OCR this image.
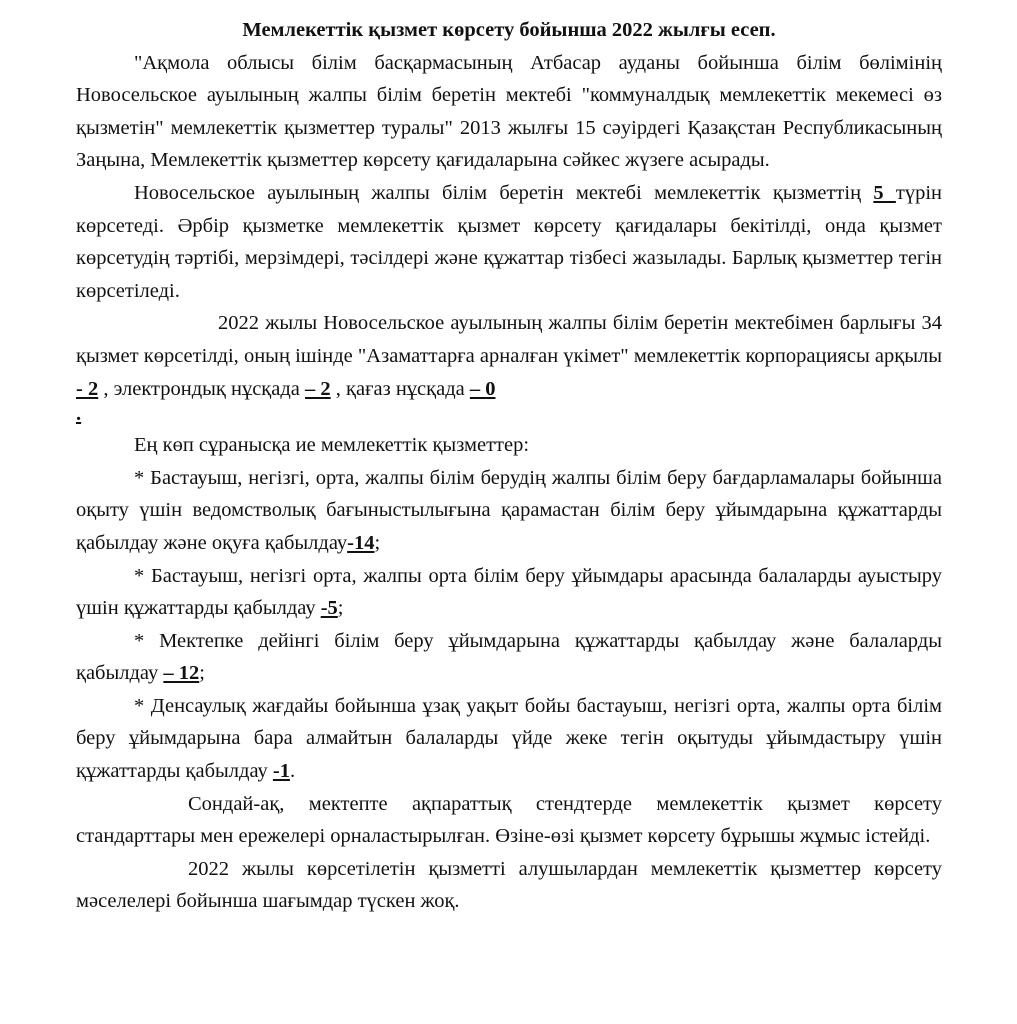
Мемлекеттік қызмет көрсету бойынша 2022 жылғы есеп.

"Ақмола облысы білім басқармасының Атбасар ауданы бойынша білім бөлімінің Новосельское ауылының жалпы білім беретін мектебі "коммуналдық мемлекеттік мекемесі өз қызметін" мемлекеттік қызметтер туралы" 2013 жылғы 15 сәуірдегі Қазақстан Республикасының Заңына, Мемлекеттік қызметтер көрсету қағидаларына сәйкес жүзеге асырады.

Новосельское ауылының жалпы білім беретін мектебі мемлекеттік қызметтің 5 түрін көрсетеді. Әрбір қызметке мемлекеттік қызмет көрсету қағидалары бекітілді, онда қызмет көрсетудің тәртібі, мерзімдері, тәсілдері және құжаттар тізбесі жазылады. Барлық қызметтер тегін көрсетіледі.

2022 жылы Новосельское ауылының жалпы білім беретін мектебімен барлығы 34 қызмет көрсетілді, оның ішінде "Азаматтарға арналған үкімет" мемлекеттік корпорациясы арқылы - 2 , электрондық нұсқада – 2 , қағаз нұсқада – 0

.

Ең көп сұранысқа ие мемлекеттік қызметтер:

* Бастауыш, негізгі, орта, жалпы білім берудің жалпы білім беру бағдарламалары бойынша оқыту үшін ведомстволық бағыныстылығына қарамастан білім беру ұйымдарына құжаттарды қабылдау және оқуға қабылдау-14;

* Бастауыш, негізгі орта, жалпы орта білім беру ұйымдары арасында балаларды ауыстыру үшін құжаттарды қабылдау -5;

* Мектепке дейінгі білім беру ұйымдарына құжаттарды қабылдау және балаларды қабылдау – 12;

* Денсаулық жағдайы бойынша ұзақ уақыт бойы бастауыш, негізгі орта, жалпы орта білім беру ұйымдарына бара алмайтын балаларды үйде жеке тегін оқытуды ұйымдастыру үшін құжаттарды қабылдау -1.

Сондай-ақ, мектепте ақпараттық стендтерде мемлекеттік қызмет көрсету стандарттары мен ережелері орналастырылған. Өзіне-өзі қызмет көрсету бұрышы жұмыс істейді.

2022 жылы көрсетілетін қызметті алушылардан мемлекеттік қызметтер көрсету мәселелері бойынша шағымдар түскен жоқ.
